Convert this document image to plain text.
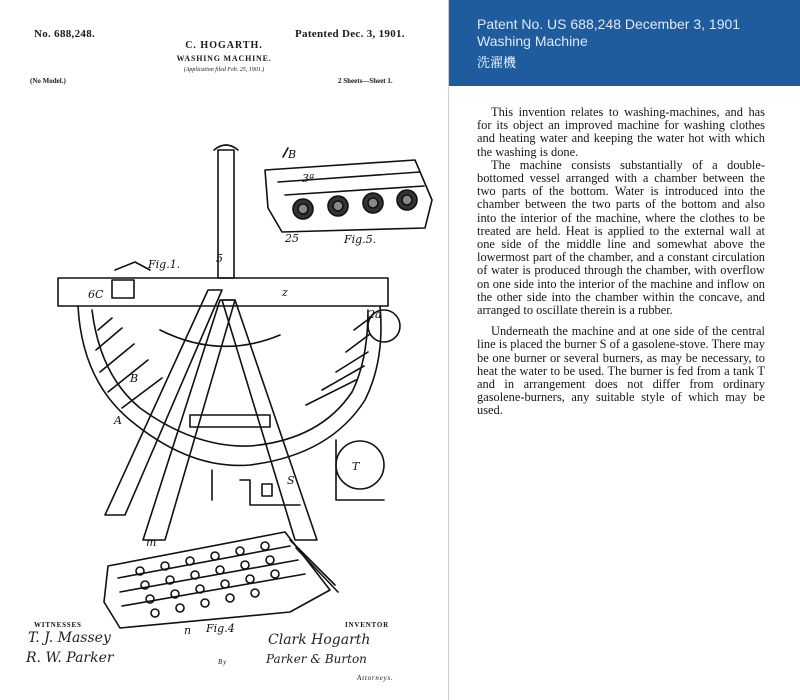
No. 688,248.	Patented Dec. 3, 1901.
C. HOGARTH.
WASHING MACHINE.
(Application filed Feb. 25, 1901.)
(No Model.)	2 Sheets—Sheet 1.
B
3ª
25	Fig.5.
Fig.1.	5
6C	z
2a
B
A
T
S
m
n Fig.4
WITNESSES	INVENTOR
T. J. Massey
R. W. Parker
Clark Hogarth
By	Parker & Burton
Attorneys.
Patent No. US 688,248 December 3, 1901
Washing Machine
洗濯機

This invention relates to washing-machines, and has for its object an improved machine for washing clothes and heating water and keeping the water hot with which the washing is done.

The machine consists substantially of a double-bottomed vessel arranged with a chamber between the two parts of the bottom. Water is introduced into the chamber between the two parts of the bottom and also into the interior of the machine, where the clothes to be treated are held. Heat is applied to the external wall at one side of the middle line and somewhat above the lowermost part of the chamber, and a constant circulation of water is produced through the chamber, with overflow on one side into the interior of the machine and inflow on the other side into the chamber within the concave, and arranged to oscillate therein is a rubber.

Underneath the machine and at one side of the central line is placed the burner S of a gasolene-stove. There may be one burner or several burners, as may be necessary, to heat the water to be used. The burner is fed from a tank T and in arrangement does not differ from ordinary gasolene-burners, any suitable style of which may be used.
